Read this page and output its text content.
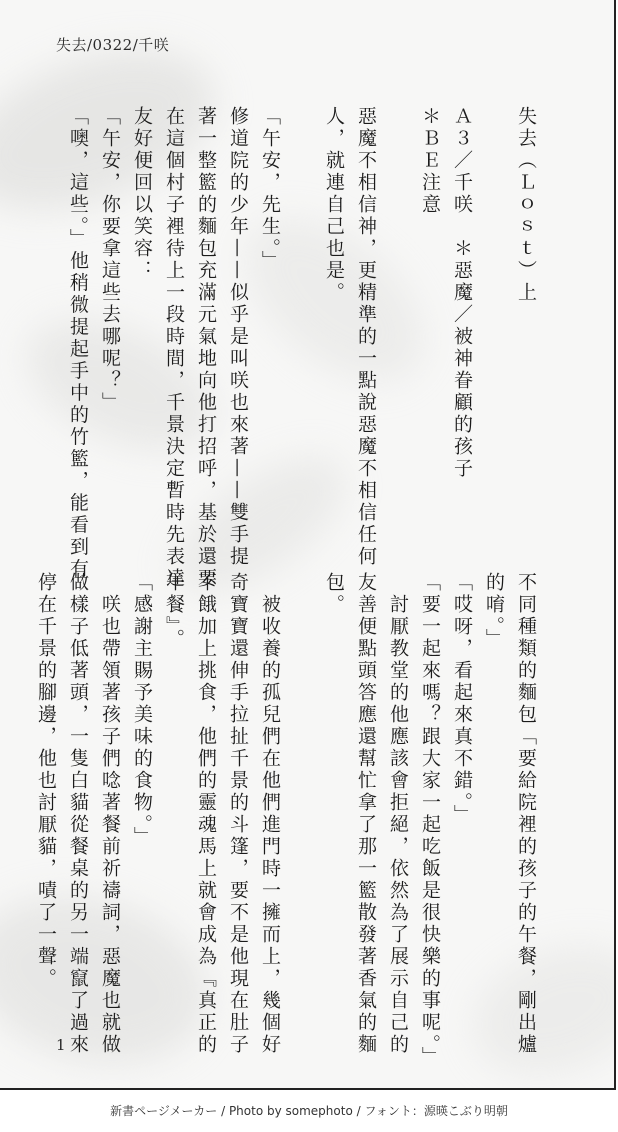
失去/0322/千咲
失去（Ｌｏｓｔ）上

Ａ３／千咲　＊惡魔／被神眷顧的孩子
＊ＢＥ注意

惡魔不相信神，更精準的一點說惡魔不相信任何
人，就連自己也是。

「午安，先生。」
修道院的少年——似乎是叫咲也來著——雙手提
著一整籃的麵包充滿元氣地向他打招呼，基於還要
在這個村子裡待上一段時間，千景決定暫時先表達
友好便回以笑容：
「午安，你要拿這些去哪呢？」
「噢，這些。」他稍微提起手中的竹籃，能看到有
不同種類的麵包「要給院裡的孩子的午餐，剛出爐
的唷。」
「哎呀，看起來真不錯。」
「要一起來嗎？跟大家一起吃飯是很快樂的事呢。」
　討厭教堂的他應該會拒絕，依然為了展示自己的
友善便點頭答應還幫忙拿了那一籃散發著香氣的麵
包。

　被收養的孤兒們在他們進門時一擁而上，幾個好
奇寶寶還伸手拉扯千景的斗篷，要不是他現在肚子
不餓加上挑食，他們的靈魂馬上就會成為『真正的
午餐』。
「感謝主賜予美味的食物。」
　咲也帶領著孩子們唸著餐前祈禱詞，惡魔也就做
做樣子低著頭，一隻白貓從餐桌的另一端竄了過來
停在千景的腳邊，他也討厭貓，嘖了一聲。
1
新書ページメーカー / Photo by somephoto / フォント：源暎こぶり明朝
